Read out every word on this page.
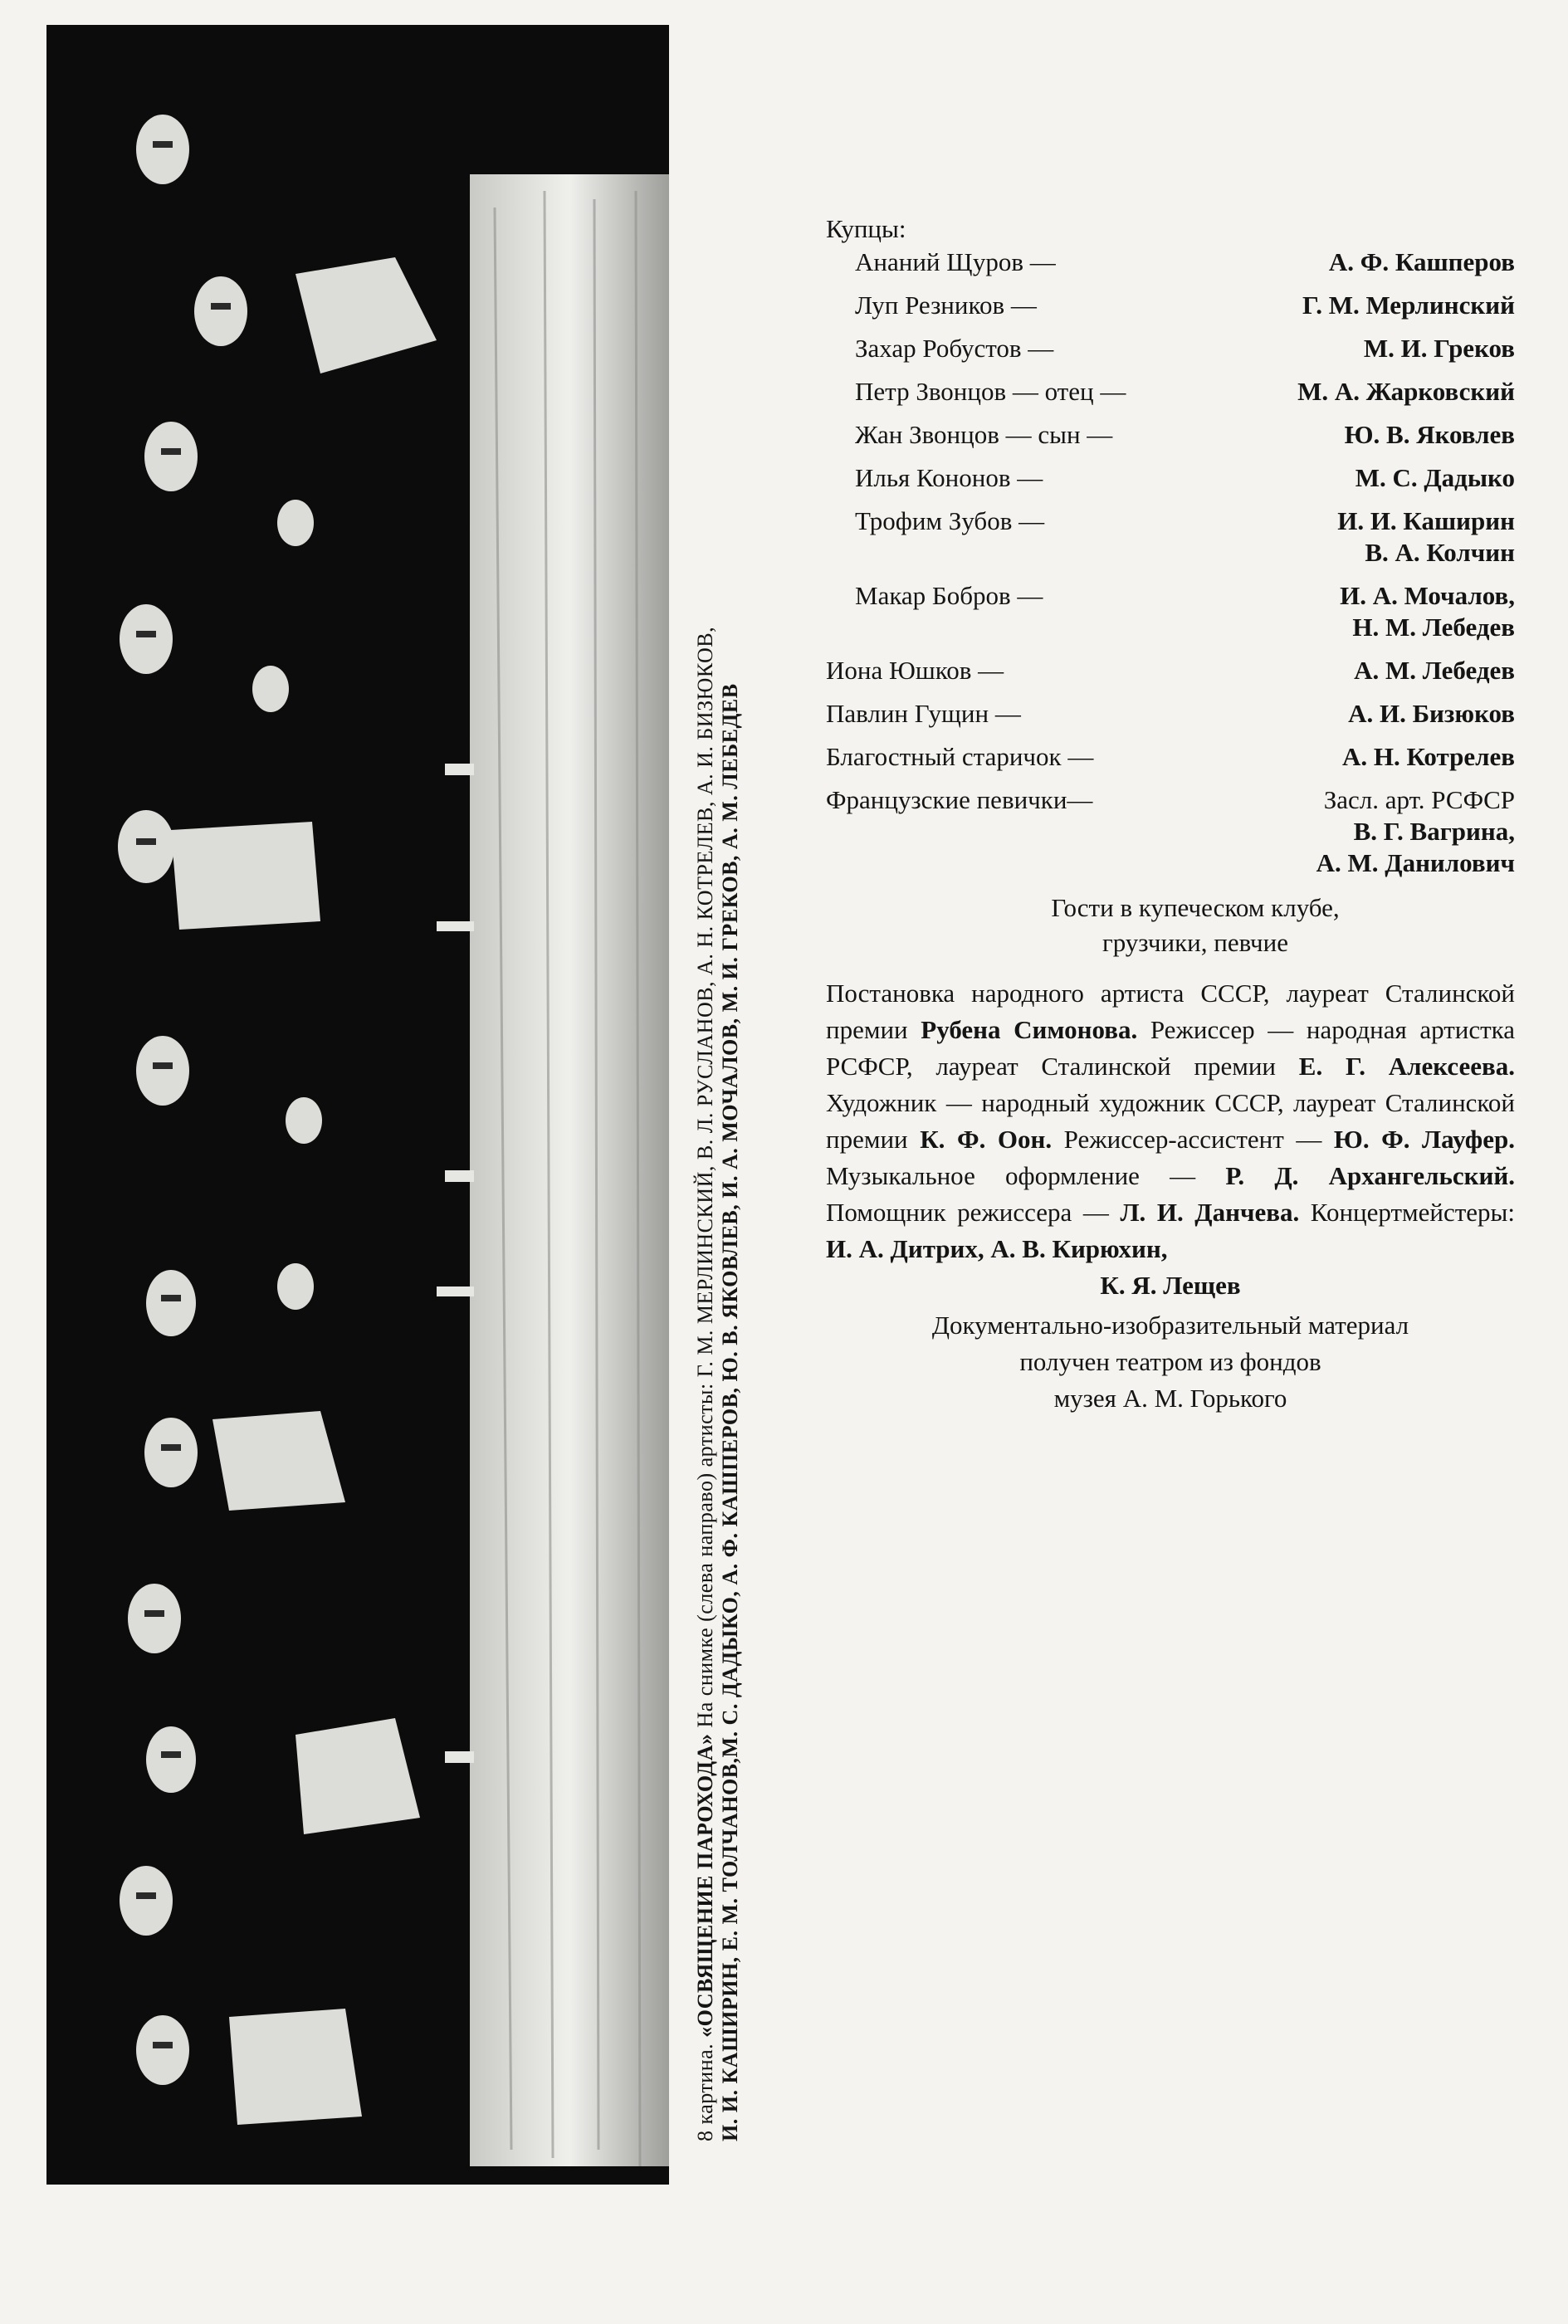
8 картина. «ОСВЯЩЕНИЕ ПАРОХОДА» На снимке (слева направо) артисты: Г. М. МЕРЛИНСКИЙ, В. Л. РУСЛАНОВ, А. Н. КОТРЕЛЕВ, А. И. БИЗЮКОВ, И. И. КАШИРИН, Е. М. ТОЛЧАНОВ,М. С. ДАДЫКО, А. Ф. КАШПЕРОВ, Ю. В. ЯКОВЛЕВ, И. А. МОЧАЛОВ, М. И. ГРЕКОВ, А. М. ЛЕБЕДЕВ
Купцы:
Ананий Щуров —	А. Ф. Кашперов
Луп Резников —	Г. М. Мерлинский
Захар Робустов —	М. И. Греков
Петр Звонцов — отец —	М. А. Жарковский
Жан Звонцов — сын —	Ю. В. Яковлев
Илья Кононов —	М. С. Дадыко
Трофим Зубов —	И. И. Каширин
В. А. Колчин
Макар Бобров —	И. А. Мочалов,
Н. М. Лебедев
Иона Юшков —	А. М. Лебедев
Павлин Гущин —	А. И. Бизюков
Благостный старичок —	А. Н. Котрелев
Французские певички—	Засл. арт. РСФСР
В. Г. Вагрина,
А. М. Данилович
Гости в купеческом клубе,
грузчики, певчие
Постановка народного артиста СССР, лауреат Сталинской премии Рубена Симонова. Режиссер — народная артистка РСФСР, лауреат Сталинской премии Е. Г. Алексеева. Художник — народный художник СССР, лауреат Сталинской премии К. Ф. Оон. Режиссер-ассистент — Ю. Ф. Лауфер. Музыкальное оформление — Р. Д. Архангельский. Помощник режиссера — Л. И. Данчева. Концертмейстеры: И. А. Дитрих, А. В. Кирюхин,
К. Я. Лещев
Документально-изобразительный материал
получен театром из фондов
музея А. М. Горького
